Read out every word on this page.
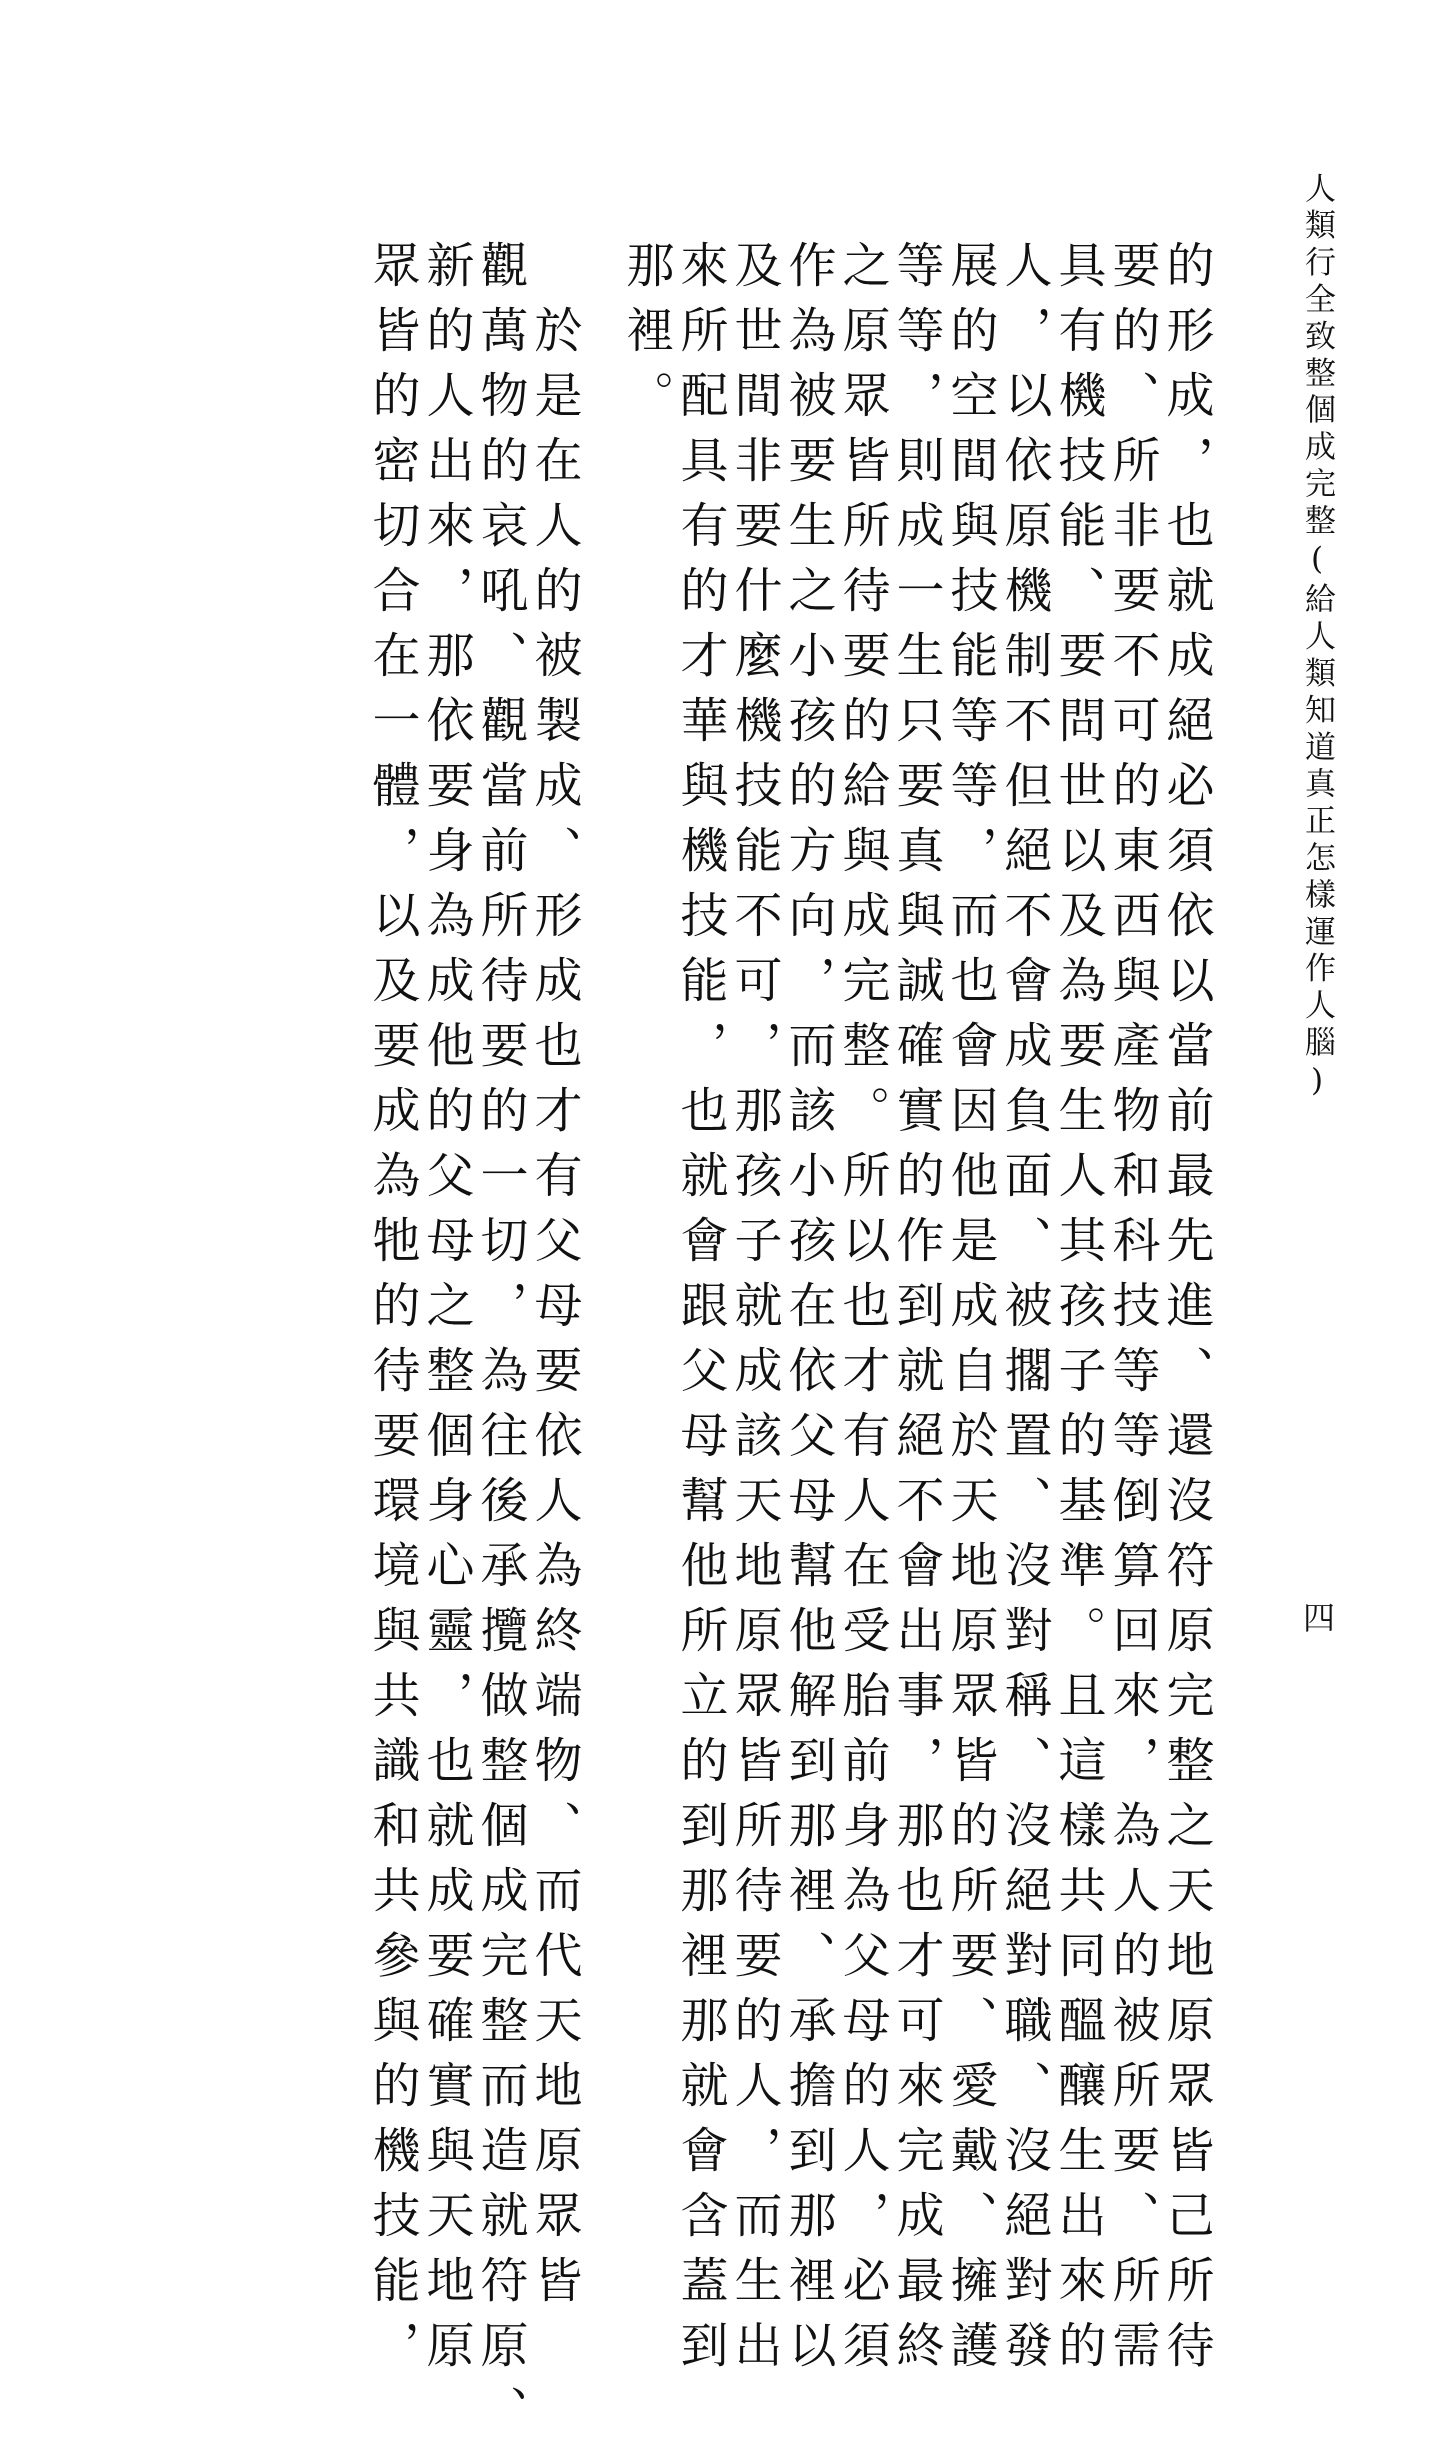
人類行全致整個成完整(給人類知道真正怎樣運作人腦)
四
的形成，也就成絕必須依以當前最先進、還沒符原完整之天地原眾皆己所待
要的、所非要不可的東西與產物和科技等等倒算回來，為人的被所要、所需
具有機技能、要問世以及為要生人其孩子的基準。且這樣共同醞釀生出來的
人，以依原機制不但絕不會成負面、被擱置、沒對稱、沒絕對職、沒絕對發
展的空間與技能等等，而也會因他是成自於天地原眾皆的所要、愛戴、擁護
等等，則成一生只要真與誠確實的作到就絕不會出事，那也才可來完成最終
之原眾皆所待要的給與成完整。所以也才有人在受胎前身為父母的人，必須
作為被要生之小孩的方向，而該小孩在依父母幫他解到那裡、承擔到那裡以
及世間非要什麼機技能不可，那孩子就成該天地原眾皆所待要的人，而生出
來所配具有的才華與機技能，也就會跟父母幫他所立的到那裡那就會含蓋到
那裡。
　於是在人的被製成、形成也才有父母要依人為終端物、而代天地原眾皆
觀萬物的哀吼、觀當前所待要的一切，為往後承攬做整個成完整而造就符原、
新的人出來，那依要身為成他的父母之整個身心靈，也就成要確實與天地原
眾皆的密切合在一體，以及要成為牠的待要環境與共識和共參與的機技能，
